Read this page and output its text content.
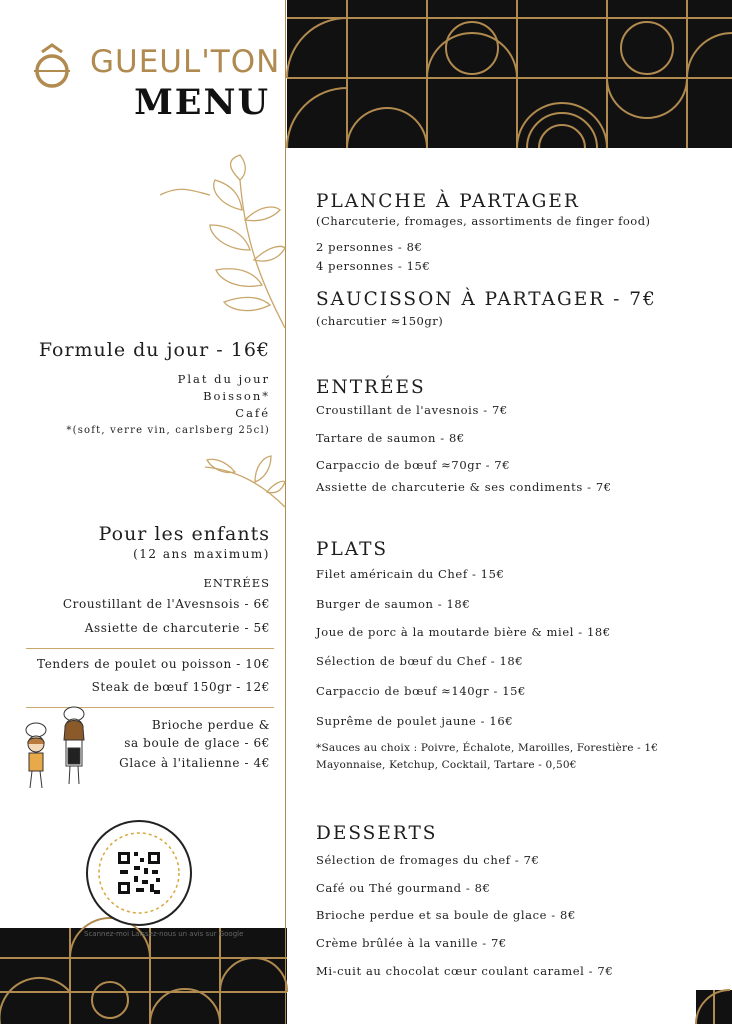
GUEUL'TON
MENU
Formule du jour - 16€
Plat du jour
Boisson*
Café
*(soft, verre vin, carlsberg 25cl)
Pour les enfants
(12 ans maximum)
ENTRÉES
Croustillant de l'Avesnsois - 6€
Assiette de charcuterie - 5€
Tenders de poulet ou poisson - 10€
Steak de bœuf 150gr - 12€
Brioche perdue &
sa boule de glace - 6€
Glace à l'italienne - 4€
Scannez-moi Laissez-nous un avis sur Google
PLANCHE À PARTAGER
(Charcuterie, fromages, assortiments de finger food)
2 personnes - 8€
4 personnes - 15€
SAUCISSON À PARTAGER - 7€
(charcutier ≈150gr)
ENTRÉES
Croustillant de l'avesnois - 7€
Tartare de saumon - 8€
Carpaccio de bœuf ≈70gr - 7€
Assiette de charcuterie & ses condiments - 7€
PLATS
Filet américain du Chef - 15€
Burger de saumon - 18€
Joue de porc à la moutarde bière & miel - 18€
Sélection de bœuf du Chef - 18€
Carpaccio de bœuf ≈140gr - 15€
Suprême de poulet jaune - 16€
*Sauces au choix : Poivre, Échalote, Maroilles, Forestière - 1€
Mayonnaise, Ketchup, Cocktail, Tartare - 0,50€
DESSERTS
Sélection de fromages du chef - 7€
Café ou Thé gourmand - 8€
Brioche perdue et sa boule de glace - 8€
Crème brûlée à la vanille - 7€
Mi-cuit au chocolat cœur coulant caramel - 7€
